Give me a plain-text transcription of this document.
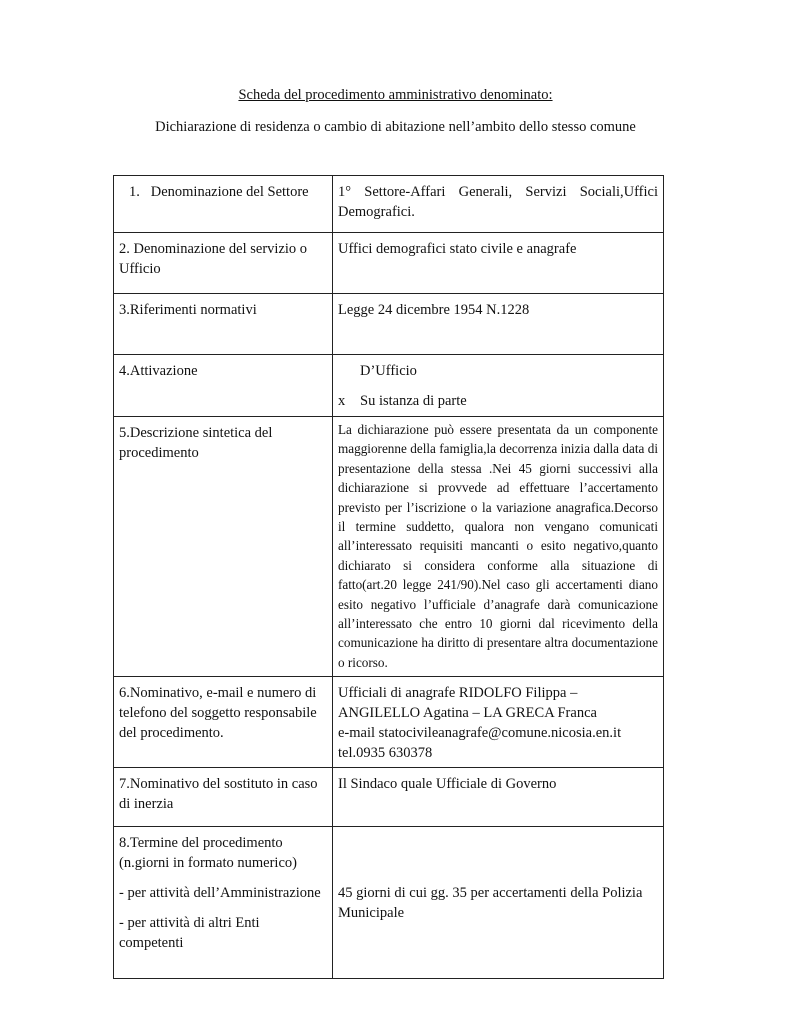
Scheda del procedimento amministrativo denominato:
Dichiarazione di residenza o cambio di abitazione nell’ambito dello stesso comune
1.   Denominazione del Settore	1°  Settore-Affari  Generali,  Servizi  Sociali,Uffici Demografici.
2. Denominazione del servizio o Ufficio	Uffici demografici stato civile e anagrafe
3.Riferimenti normativi	Legge 24 dicembre 1954 N.1228
4.Attivazione	D’Ufficio
x Su istanza di parte

5.Descrizione sintetica del procedimento	La dichiarazione può essere presentata da un componente maggiorenne della famiglia,la decorrenza inizia dalla data di presentazione della stessa .Nei 45 giorni successivi alla dichiarazione si provvede ad effettuare l’accertamento previsto per l’iscrizione o la variazione anagrafica.Decorso il termine suddetto, qualora non vengano comunicati all’interessato requisiti mancanti o esito negativo,quanto dichiarato si considera conforme alla situazione di fatto(art.20 legge 241/90).Nel caso gli accertamenti diano esito negativo l’ufficiale d’anagrafe darà comunicazione all’interessato che entro 10 giorni dal ricevimento della comunicazione ha diritto di presentare altra documentazione o ricorso.
6.Nominativo, e-mail e numero di telefono del soggetto responsabile del procedimento.	Ufficiali di anagrafe RIDOLFO Filippa –
ANGILELLO Agatina – LA GRECA Franca
e-mail statocivileanagrafe@comune.nicosia.en.it
tel.0935 630378

7.Nominativo del sostituto in caso di inerzia	Il Sindaco quale Ufficiale di Governo

8.Termine del procedimento (n.giorni in formato numerico)
- per attività dell’Amministrazione
- per attività di altri Enti competenti	45 giorni di cui gg. 35 per accertamenti della Polizia Municipale
